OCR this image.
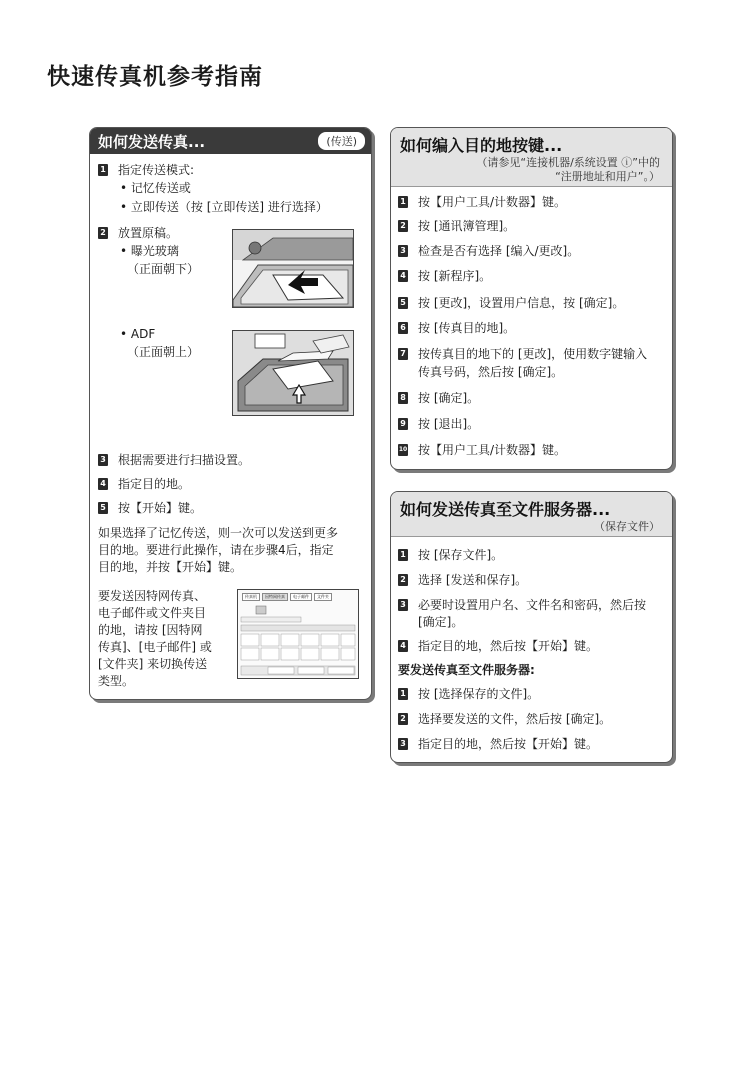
快速传真机参考指南
如何发送传真...	(传送)
1 指定传送模式:
• 记忆传送或
• 立即传送（按 [立即传送] 进行选择）
2 放置原稿。
• 曝光玻璃
（正面朝下）
• ADF
（正面朝上）
3 根据需要进行扫描设置。
4 指定目的地。
5 按【开始】键。
如果选择了记忆传送，则一次可以发送到更多
目的地。要进行此操作，请在步骤4后，指定
目的地，并按【开始】键。
要发送因特网传真、
电子邮件或文件夹目
的地，请按 [因特网
传真]、[电子邮件] 或
[文件夹] 来切换传送
类型。
传真机	因特网传真	电子邮件	文件夹
如何编入目的地按键...
（请参见“连接机器/系统设置 ⓘ”中的
“注册地址和用户”。）
1 按【用户工具/计数器】键。
2 按 [通讯簿管理]。
3 检查是否有选择 [编入/更改]。
4 按 [新程序]。
5 按 [更改]，设置用户信息，按 [确定]。
6 按 [传真目的地]。
7 按传真目的地下的 [更改]，使用数字键输入
传真号码，然后按 [确定]。
8 按 [确定]。
9 按 [退出]。
10 按【用户工具/计数器】键。
如何发送传真至文件服务器...
（保存文件）
1 按 [保存文件]。
2 选择 [发送和保存]。
3 必要时设置用户名、文件名和密码，然后按
[确定]。
4 指定目的地，然后按【开始】键。
要发送传真至文件服务器:
1 按 [选择保存的文件]。
2 选择要发送的文件，然后按 [确定]。
3 指定目的地，然后按【开始】键。
